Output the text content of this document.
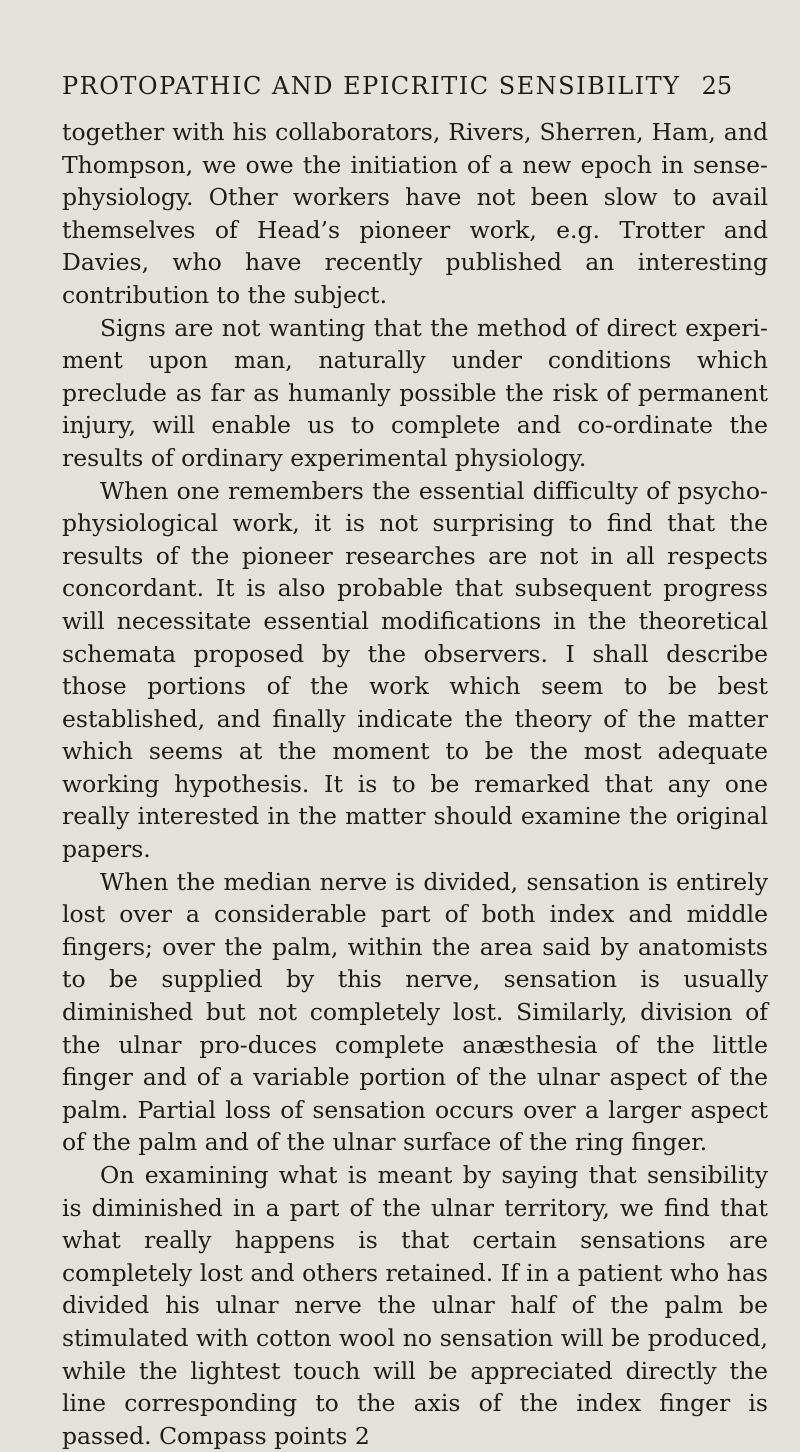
PROTOPATHIC AND EPICRITIC SENSIBILITY 25

together with his collaborators, Rivers, Sherren, Ham, and Thompson, we owe the initiation of a new epoch in sense-physiology. Other workers have not been slow to avail themselves of Head’s pioneer work, e.g. Trotter and Davies, who have recently published an interesting contribution to the subject.

Signs are not wanting that the method of direct experi-ment upon man, naturally under conditions which preclude as far as humanly possible the risk of permanent injury, will enable us to complete and co-ordinate the results of ordinary experimental physiology.

When one remembers the essential difficulty of psycho-physiological work, it is not surprising to find that the results of the pioneer researches are not in all respects concordant. It is also probable that subsequent progress will necessitate essential modifications in the theoretical schemata proposed by the observers. I shall describe those portions of the work which seem to be best established, and finally indicate the theory of the matter which seems at the moment to be the most adequate working hypothesis. It is to be remarked that any one really interested in the matter should examine the original papers.

When the median nerve is divided, sensation is entirely lost over a considerable part of both index and middle fingers; over the palm, within the area said by anatomists to be supplied by this nerve, sensation is usually diminished but not completely lost. Similarly, division of the ulnar pro-duces complete anæsthesia of the little finger and of a variable portion of the ulnar aspect of the palm. Partial loss of sensation occurs over a larger aspect of the palm and of the ulnar surface of the ring finger.

On examining what is meant by saying that sensibility is diminished in a part of the ulnar territory, we find that what really happens is that certain sensations are completely lost and others retained. If in a patient who has divided his ulnar nerve the ulnar half of the palm be stimulated with cotton wool no sensation will be produced, while the lightest touch will be appreciated directly the line corresponding to the axis of the index finger is passed. Compass points 2
